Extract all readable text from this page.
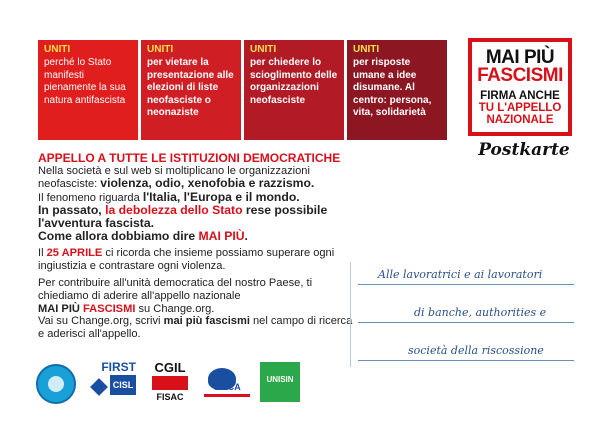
UNITI
perché lo Stato manifesti pienamente la sua natura antifascista
UNITI
per vietare la presentazione alle elezioni di liste neofasciste o neonaziste
UNITI
per chiedere lo scioglimento delle organizzazioni neofasciste
UNITI
per risposte umane a idee disumane. Al centro: persona, vita, solidarietà
MAI PIÙ
FASCISMI
FIRMA ANCHE
TU L'APPELLO
NAZIONALE
Postkarte

APPELLO A TUTTE LE ISTITUZIONI DEMOCRATICHE

Nella società e sul web si moltiplicano le organizzazioni neofasciste: violenza, odio, xenofobia e razzismo.

Il fenomeno riguarda l'Italia, l'Europa e il mondo.

In passato, la debolezza dello Stato rese possibile l'avventura fascista.

Come allora dobbiamo dire MAI PIÙ.

Il 25 APRILE ci ricorda che insieme possiamo superare ogni ingiustizia e contrastare ogni violenza.

Per contribuire all'unità democratica del nostro Paese, ti chiediamo di aderire all'appello nazionale
MAI PIÙ FASCISMI su Change.org.

Vai su Change.org, scrivi mai più fascismi nel campo di ricerca e aderisci all'appello.

Alle lavoratrici e ai lavoratori
di banche, authorities e
società della riscossione
FIRST
CISL
CGIL
FISAC
UILCA
UNISIN
